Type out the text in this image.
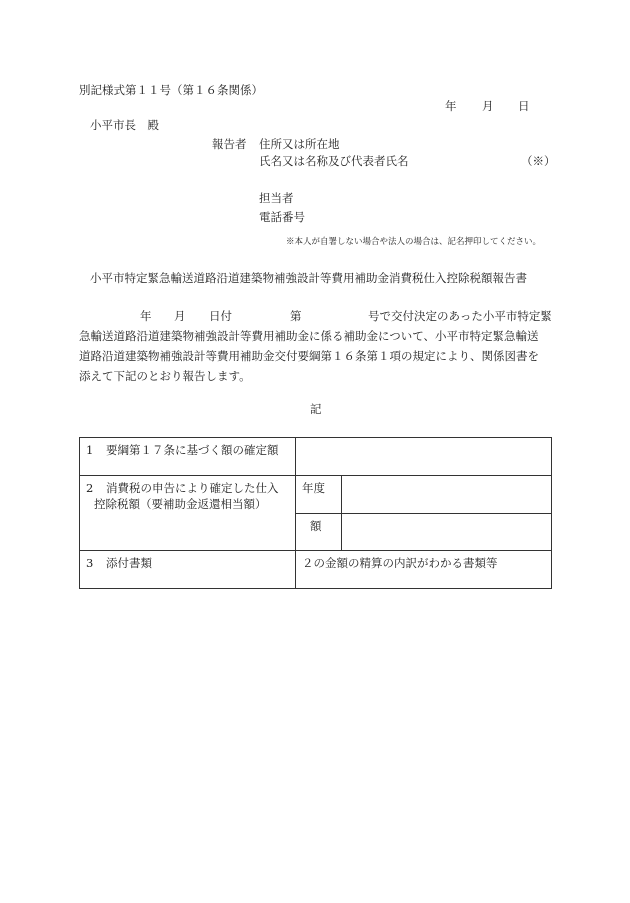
別記様式第１１号（第１６条関係）
年 月 日
小平市長　殿
報告者 住所又は所在地
氏名又は名称及び代表者氏名	（※）
担当者
電話番号
※本人が自署しない場合や法人の場合は、記名押印してください。
小平市特定緊急輸送道路沿道建築物補強設計等費用補助金消費税仕入控除税額報告書
年 月 日付	第	号で交付決定のあった小平市特定緊

急輸送道路沿道建築物補強設計等費用補助金に係る補助金について、小平市特定緊急輸送
道路沿道建築物補強設計等費用補助金交付要綱第１６条第１項の規定により、関係図書を
添えて下記のとおり報告します。
記
1 要綱第１７条に基づく額の確定額		
2 消費税の申告により確定した仕入
控除税額（要補助金返還相当額）	年度	
	額	
3 添付書類	２の金額の精算の内訳がわかる書類等	
